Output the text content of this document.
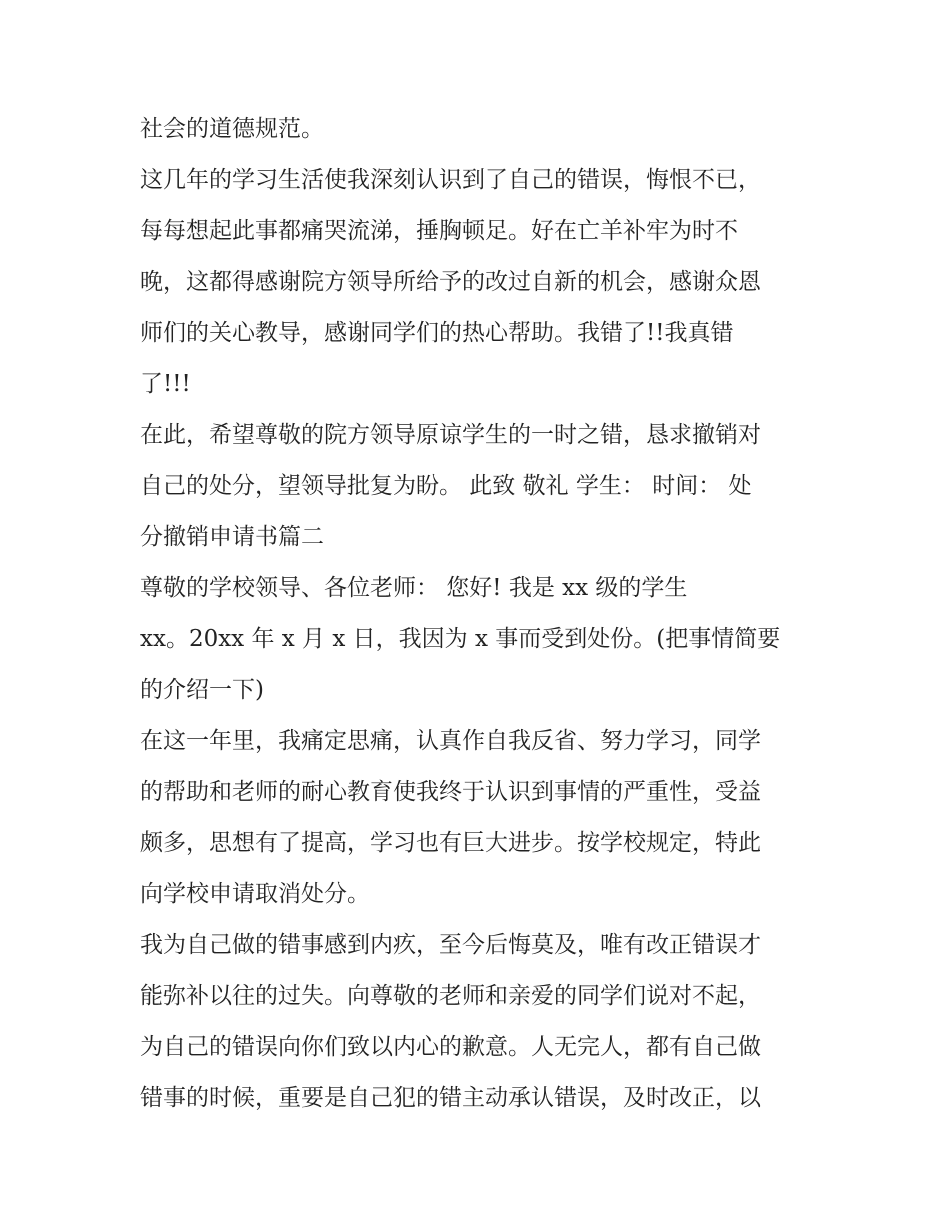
社会的道德规范。
这几年的学习生活使我深刻认识到了自己的错误，悔恨不已，
每每想起此事都痛哭流涕，捶胸顿足。好在亡羊补牢为时不
晚，这都得感谢院方领导所给予的改过自新的机会，感谢众恩
师们的关心教导，感谢同学们的热心帮助。我错了!!我真错
了!!!
在此，希望尊敬的院方领导原谅学生的一时之错，恳求撤销对
自己的处分，望领导批复为盼。 此致 敬礼 学生： 时间： 处
分撤销申请书篇二
尊敬的学校领导、各位老师： 您好! 我是 xx 级的学生
xx。20xx 年 x 月 x 日，我因为 x 事而受到处份。(把事情简要
的介绍一下)
在这一年里，我痛定思痛，认真作自我反省、努力学习，同学
的帮助和老师的耐心教育使我终于认识到事情的严重性，受益
颇多，思想有了提高，学习也有巨大进步。按学校规定，特此
向学校申请取消处分。
我为自己做的错事感到内疚，至今后悔莫及，唯有改正错误才
能弥补以往的过失。向尊敬的老师和亲爱的同学们说对不起，
为自己的错误向你们致以内心的歉意。人无完人，都有自己做
错事的时候，重要是自己犯的错主动承认错误，及时改正，以
